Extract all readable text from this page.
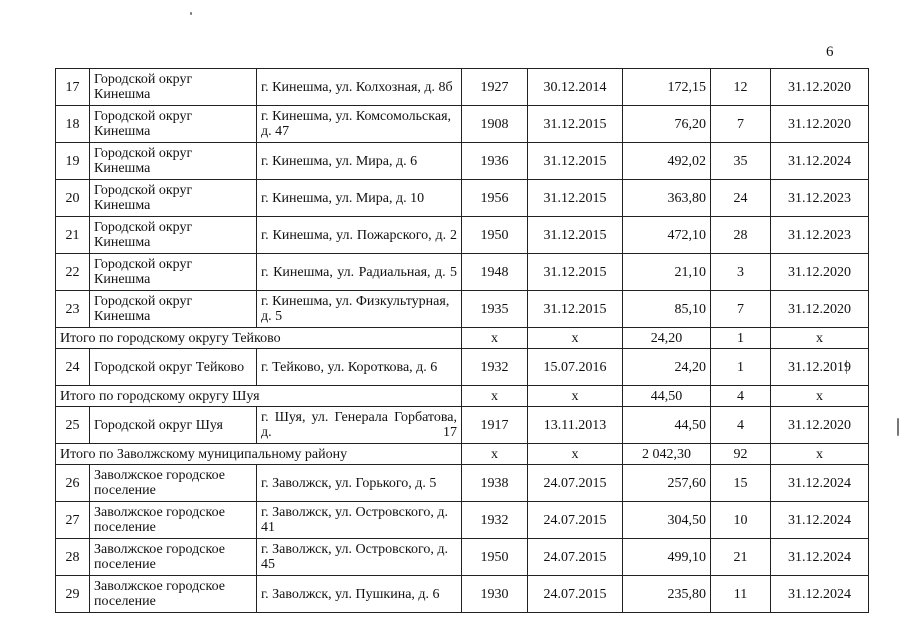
6
17	Городской округ Кинешма	г. Кинешма, ул. Колхозная, д. 8б	1927	30.12.2014	172,15	12	31.12.2020
18	Городской округ Кинешма	г. Кинешма, ул. Комсомольская, д. 47	1908	31.12.2015	76,20	7	31.12.2020
19	Городской округ Кинешма	г. Кинешма, ул. Мира, д. 6	1936	31.12.2015	492,02	35	31.12.2024
20	Городской округ Кинешма	г. Кинешма, ул. Мира, д. 10	1956	31.12.2015	363,80	24	31.12.2023
21	Городской округ Кинешма	г. Кинешма, ул. Пожарского, д. 2	1950	31.12.2015	472,10	28	31.12.2023
22	Городской округ Кинешма	г. Кинешма, ул. Радиальная, д. 5	1948	31.12.2015	21,10	3	31.12.2020
23	Городской округ Кинешма	г. Кинешма, ул. Физкультурная, д. 5	1935	31.12.2015	85,10	7	31.12.2020
Итого по городскому округу Тейково			x	x	24,20	1	x
24	Городской округ Тейково	г. Тейково, ул. Короткова, д. 6	1932	15.07.2016	24,20	1	31.12.2019
Итого по городскому округу Шуя			x	x	44,50	4	x
25	Городской округ Шуя	г. Шуя, ул. Генерала Горбатова, д. 17	1917	13.11.2013	44,50	4	31.12.2020
Итого по Заволжскому муниципальному району			x	x	2 042,30	92	x
26	Заволжское городское поселение	г. Заволжск, ул. Горького, д. 5	1938	24.07.2015	257,60	15	31.12.2024
27	Заволжское городское поселение	г. Заволжск, ул. Островского, д. 41	1932	24.07.2015	304,50	10	31.12.2024
28	Заволжское городское поселение	г. Заволжск, ул. Островского, д. 45	1950	24.07.2015	499,10	21	31.12.2024
29	Заволжское городское поселение	г. Заволжск, ул. Пушкина, д. 6	1930	24.07.2015	235,80	11	31.12.2024
